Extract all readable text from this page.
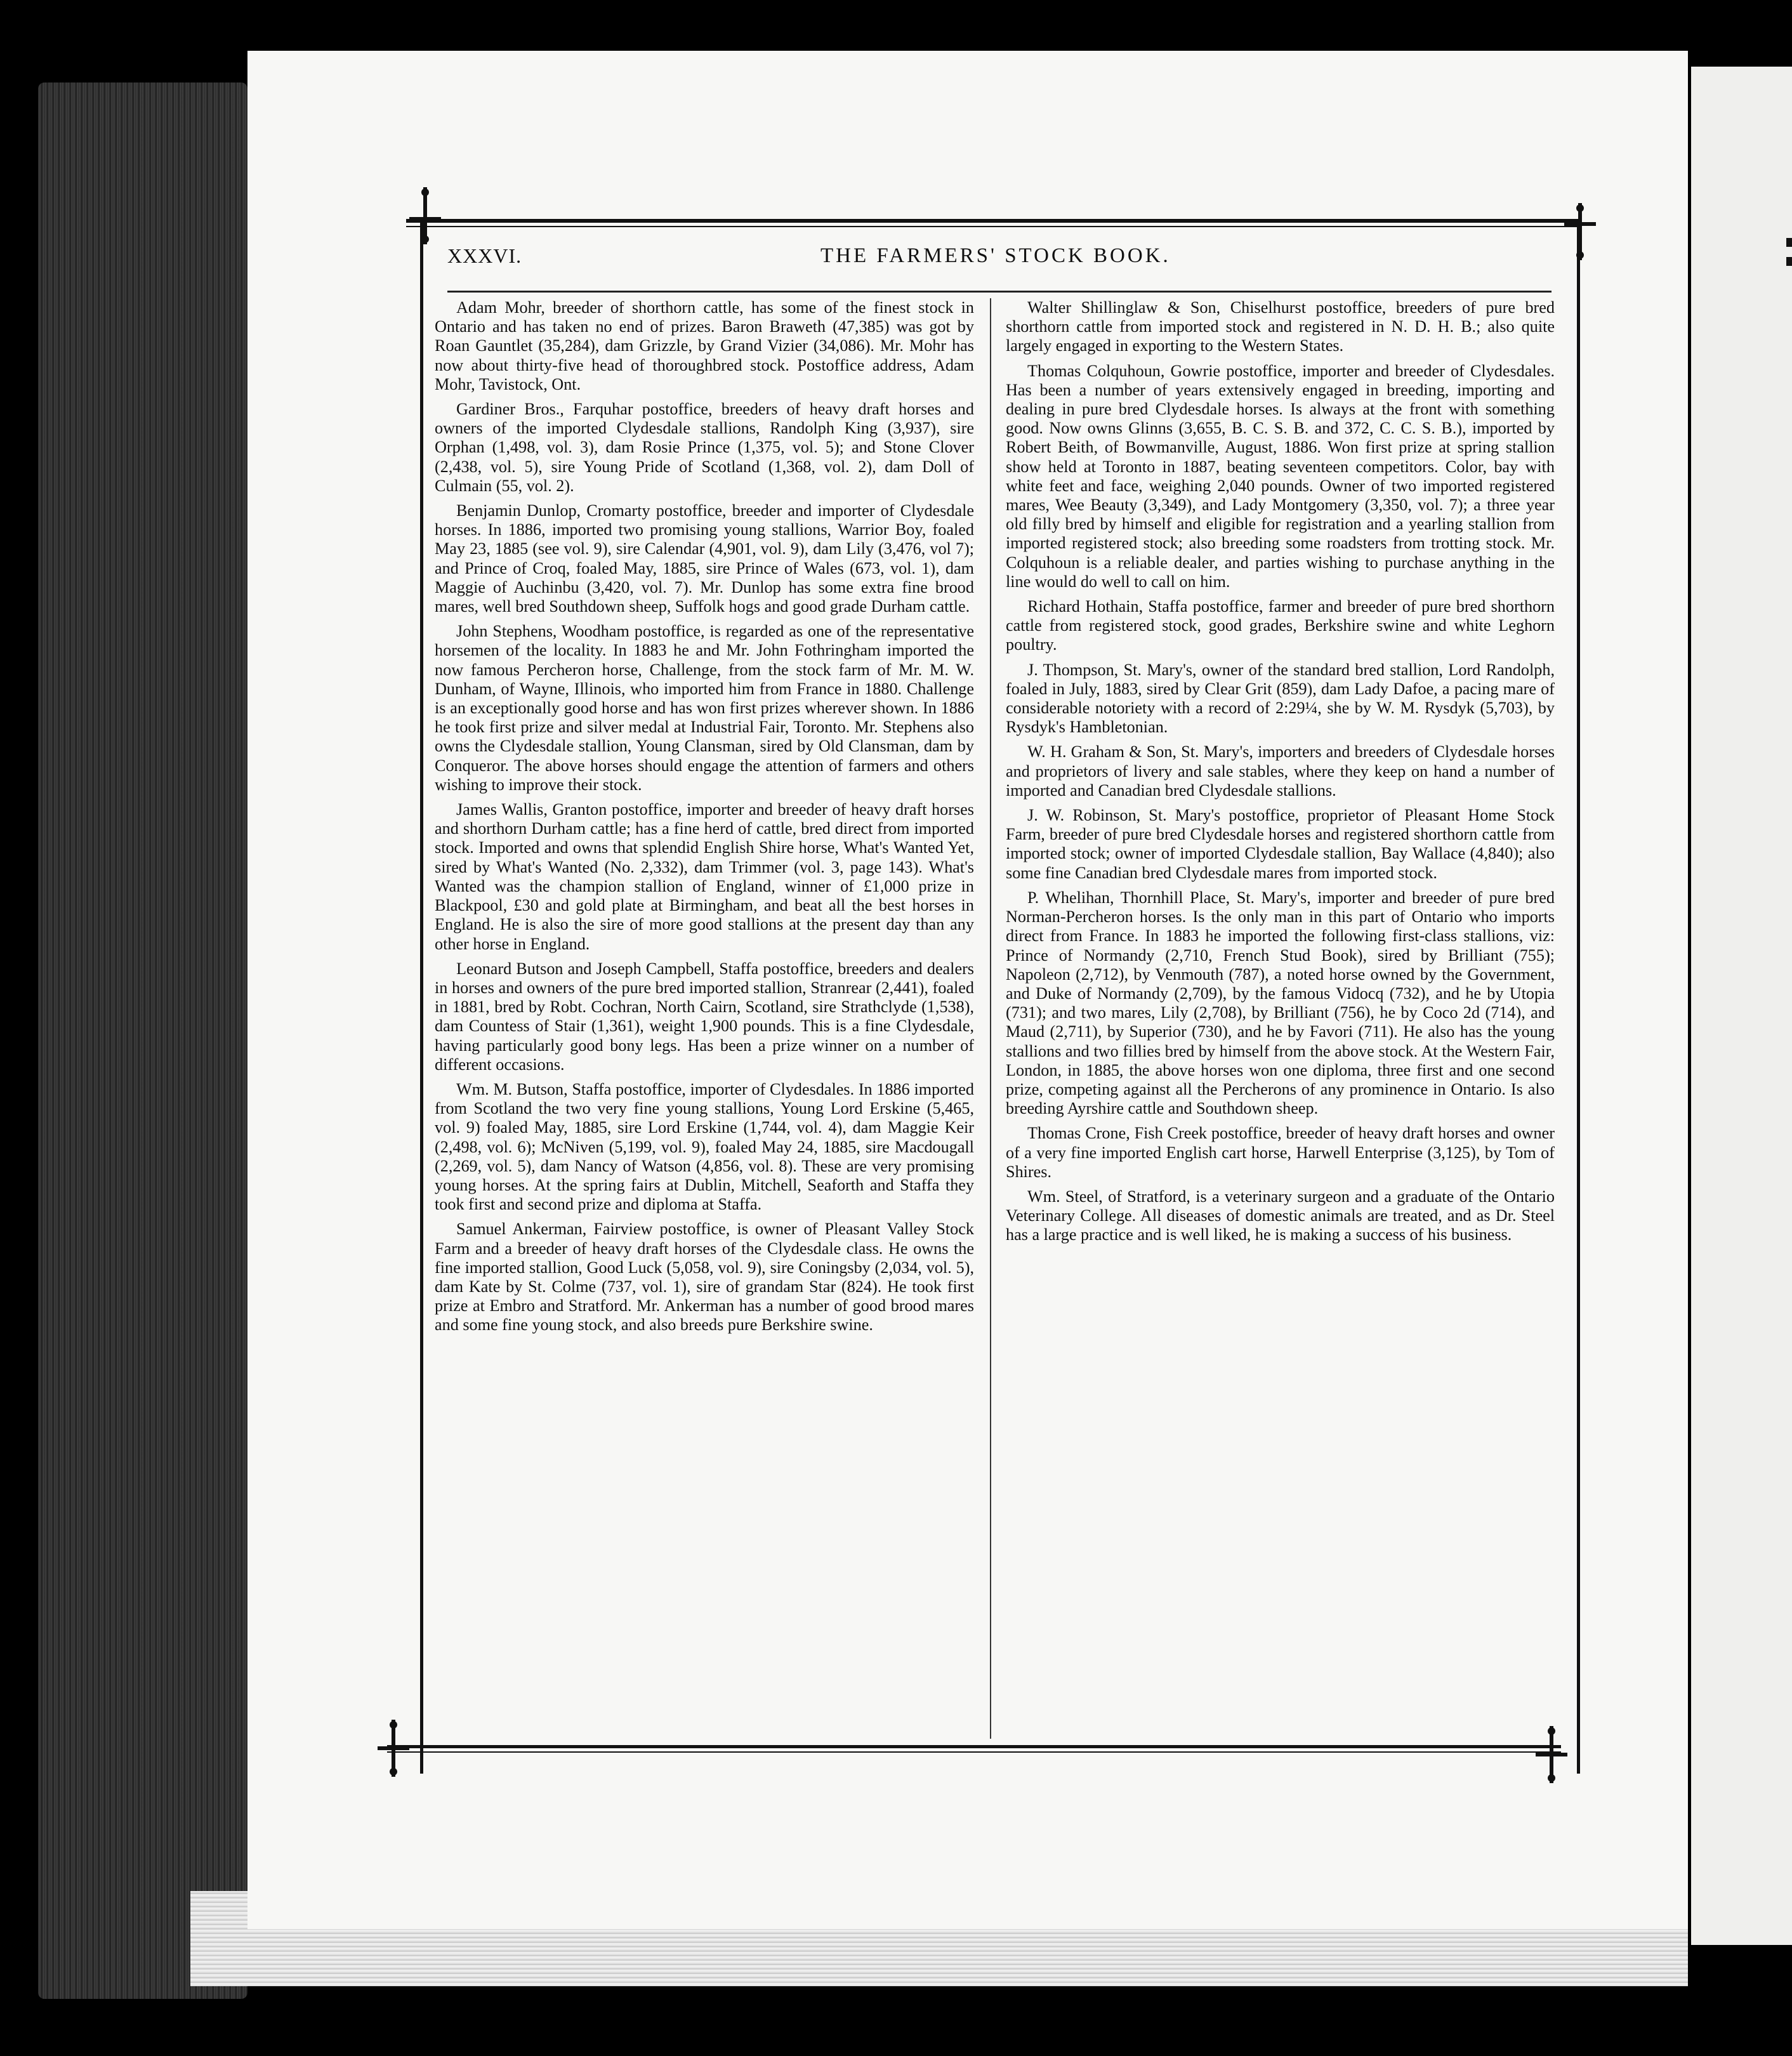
XXXVI.	THE FARMERS' STOCK BOOK.

Adam Mohr, breeder of shorthorn cattle, has some of the finest stock in Ontario and has taken no end of prizes. Baron Braweth (47,385) was got by Roan Gauntlet (35,284), dam Grizzle, by Grand Vizier (34,086). Mr. Mohr has now about thirty-five head of thoroughbred stock. Postoffice address, Adam Mohr, Tavistock, Ont.

Gardiner Bros., Farquhar postoffice, breeders of heavy draft horses and owners of the imported Clydesdale stallions, Randolph King (3,937), sire Orphan (1,498, vol. 3), dam Rosie Prince (1,375, vol. 5); and Stone Clover (2,438, vol. 5), sire Young Pride of Scotland (1,368, vol. 2), dam Doll of Culmain (55, vol. 2).

Benjamin Dunlop, Cromarty postoffice, breeder and importer of Clydesdale horses. In 1886, imported two promising young stallions, Warrior Boy, foaled May 23, 1885 (see vol. 9), sire Calendar (4,901, vol. 9), dam Lily (3,476, vol 7); and Prince of Croq, foaled May, 1885, sire Prince of Wales (673, vol. 1), dam Maggie of Auchinbu (3,420, vol. 7). Mr. Dunlop has some extra fine brood mares, well bred Southdown sheep, Suffolk hogs and good grade Durham cattle.

John Stephens, Woodham postoffice, is regarded as one of the representative horsemen of the locality. In 1883 he and Mr. John Fothringham imported the now famous Percheron horse, Challenge, from the stock farm of Mr. M. W. Dunham, of Wayne, Illinois, who imported him from France in 1880. Challenge is an exceptionally good horse and has won first prizes wherever shown. In 1886 he took first prize and silver medal at Industrial Fair, Toronto. Mr. Stephens also owns the Clydesdale stallion, Young Clansman, sired by Old Clansman, dam by Conqueror. The above horses should engage the attention of farmers and others wishing to improve their stock.

James Wallis, Granton postoffice, importer and breeder of heavy draft horses and shorthorn Durham cattle; has a fine herd of cattle, bred direct from imported stock. Imported and owns that splendid English Shire horse, What's Wanted Yet, sired by What's Wanted (No. 2,332), dam Trimmer (vol. 3, page 143). What's Wanted was the champion stallion of England, winner of £1,000 prize in Blackpool, £30 and gold plate at Birmingham, and beat all the best horses in England. He is also the sire of more good stallions at the present day than any other horse in England.

Leonard Butson and Joseph Campbell, Staffa postoffice, breeders and dealers in horses and owners of the pure bred imported stallion, Stranrear (2,441), foaled in 1881, bred by Robt. Cochran, North Cairn, Scotland, sire Strathclyde (1,538), dam Countess of Stair (1,361), weight 1,900 pounds. This is a fine Clydesdale, having particularly good bony legs. Has been a prize winner on a number of different occasions.

Wm. M. Butson, Staffa postoffice, importer of Clydesdales. In 1886 imported from Scotland the two very fine young stallions, Young Lord Erskine (5,465, vol. 9) foaled May, 1885, sire Lord Erskine (1,744, vol. 4), dam Maggie Keir (2,498, vol. 6); McNiven (5,199, vol. 9), foaled May 24, 1885, sire Macdougall (2,269, vol. 5), dam Nancy of Watson (4,856, vol. 8). These are very promising young horses. At the spring fairs at Dublin, Mitchell, Seaforth and Staffa they took first and second prize and diploma at Staffa.

Samuel Ankerman, Fairview postoffice, is owner of Pleasant Valley Stock Farm and a breeder of heavy draft horses of the Clydesdale class. He owns the fine imported stallion, Good Luck (5,058, vol. 9), sire Coningsby (2,034, vol. 5), dam Kate by St. Colme (737, vol. 1), sire of grandam Star (824). He took first prize at Embro and Stratford. Mr. Ankerman has a number of good brood mares and some fine young stock, and also breeds pure Berkshire swine.

Walter Shillinglaw & Son, Chiselhurst postoffice, breeders of pure bred shorthorn cattle from imported stock and registered in N. D. H. B.; also quite largely engaged in exporting to the Western States.

Thomas Colquhoun, Gowrie postoffice, importer and breeder of Clydesdales. Has been a number of years extensively engaged in breeding, importing and dealing in pure bred Clydesdale horses. Is always at the front with something good. Now owns Glinns (3,655, B. C. S. B. and 372, C. C. S. B.), imported by Robert Beith, of Bowmanville, August, 1886. Won first prize at spring stallion show held at Toronto in 1887, beating seventeen competitors. Color, bay with white feet and face, weighing 2,040 pounds. Owner of two imported registered mares, Wee Beauty (3,349), and Lady Montgomery (3,350, vol. 7); a three year old filly bred by himself and eligible for registration and a yearling stallion from imported registered stock; also breeding some roadsters from trotting stock. Mr. Colquhoun is a reliable dealer, and parties wishing to purchase anything in the line would do well to call on him.

Richard Hothain, Staffa postoffice, farmer and breeder of pure bred shorthorn cattle from registered stock, good grades, Berkshire swine and white Leghorn poultry.

J. Thompson, St. Mary's, owner of the standard bred stallion, Lord Randolph, foaled in July, 1883, sired by Clear Grit (859), dam Lady Dafoe, a pacing mare of considerable notoriety with a record of 2:29¼, she by W. M. Rysdyk (5,703), by Rysdyk's Hambletonian.

W. H. Graham & Son, St. Mary's, importers and breeders of Clydesdale horses and proprietors of livery and sale stables, where they keep on hand a number of imported and Canadian bred Clydesdale stallions.

J. W. Robinson, St. Mary's postoffice, proprietor of Pleasant Home Stock Farm, breeder of pure bred Clydesdale horses and registered shorthorn cattle from imported stock; owner of imported Clydesdale stallion, Bay Wallace (4,840); also some fine Canadian bred Clydesdale mares from imported stock.

P. Whelihan, Thornhill Place, St. Mary's, importer and breeder of pure bred Norman-Percheron horses. Is the only man in this part of Ontario who imports direct from France. In 1883 he imported the following first-class stallions, viz: Prince of Normandy (2,710, French Stud Book), sired by Brilliant (755); Napoleon (2,712), by Venmouth (787), a noted horse owned by the Government, and Duke of Normandy (2,709), by the famous Vidocq (732), and he by Utopia (731); and two mares, Lily (2,708), by Brilliant (756), he by Coco 2d (714), and Maud (2,711), by Superior (730), and he by Favori (711). He also has the young stallions and two fillies bred by himself from the above stock. At the Western Fair, London, in 1885, the above horses won one diploma, three first and one second prize, competing against all the Percherons of any prominence in Ontario. Is also breeding Ayrshire cattle and Southdown sheep.

Thomas Crone, Fish Creek postoffice, breeder of heavy draft horses and owner of a very fine imported English cart horse, Harwell Enterprise (3,125), by Tom of Shires.

Wm. Steel, of Stratford, is a veterinary surgeon and a graduate of the Ontario Veterinary College. All diseases of domestic animals are treated, and as Dr. Steel has a large practice and is well liked, he is making a success of his business.
